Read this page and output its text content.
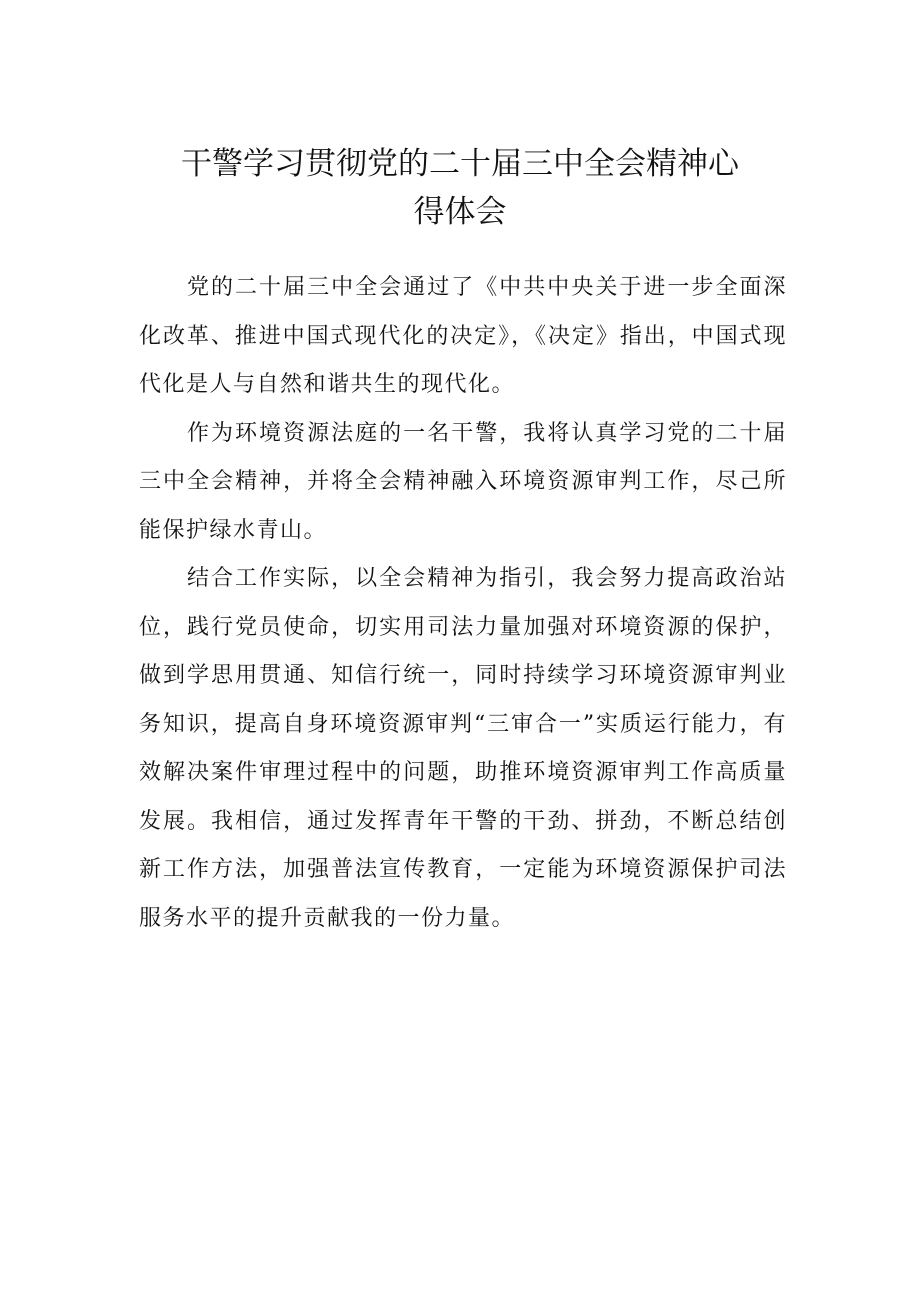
干警学习贯彻党的二十届三中全会精神心
得体会

党的二十届三中全会通过了《中共中央关于进一步全面深化改革、推进中国式现代化的决定》，《决定》指出，中国式现代化是人与自然和谐共生的现代化。

作为环境资源法庭的一名干警，我将认真学习党的二十届三中全会精神，并将全会精神融入环境资源审判工作，尽己所能保护绿水青山。

结合工作实际，以全会精神为指引，我会努力提高政治站位，践行党员使命，切实用司法力量加强对环境资源的保护，做到学思用贯通、知信行统一，同时持续学习环境资源审判业务知识，提高自身环境资源审判“三审合一”实质运行能力，有效解决案件审理过程中的问题，助推环境资源审判工作高质量发展。我相信，通过发挥青年干警的干劲、拼劲，不断总结创新工作方法，加强普法宣传教育，一定能为环境资源保护司法服务水平的提升贡献我的一份力量。
